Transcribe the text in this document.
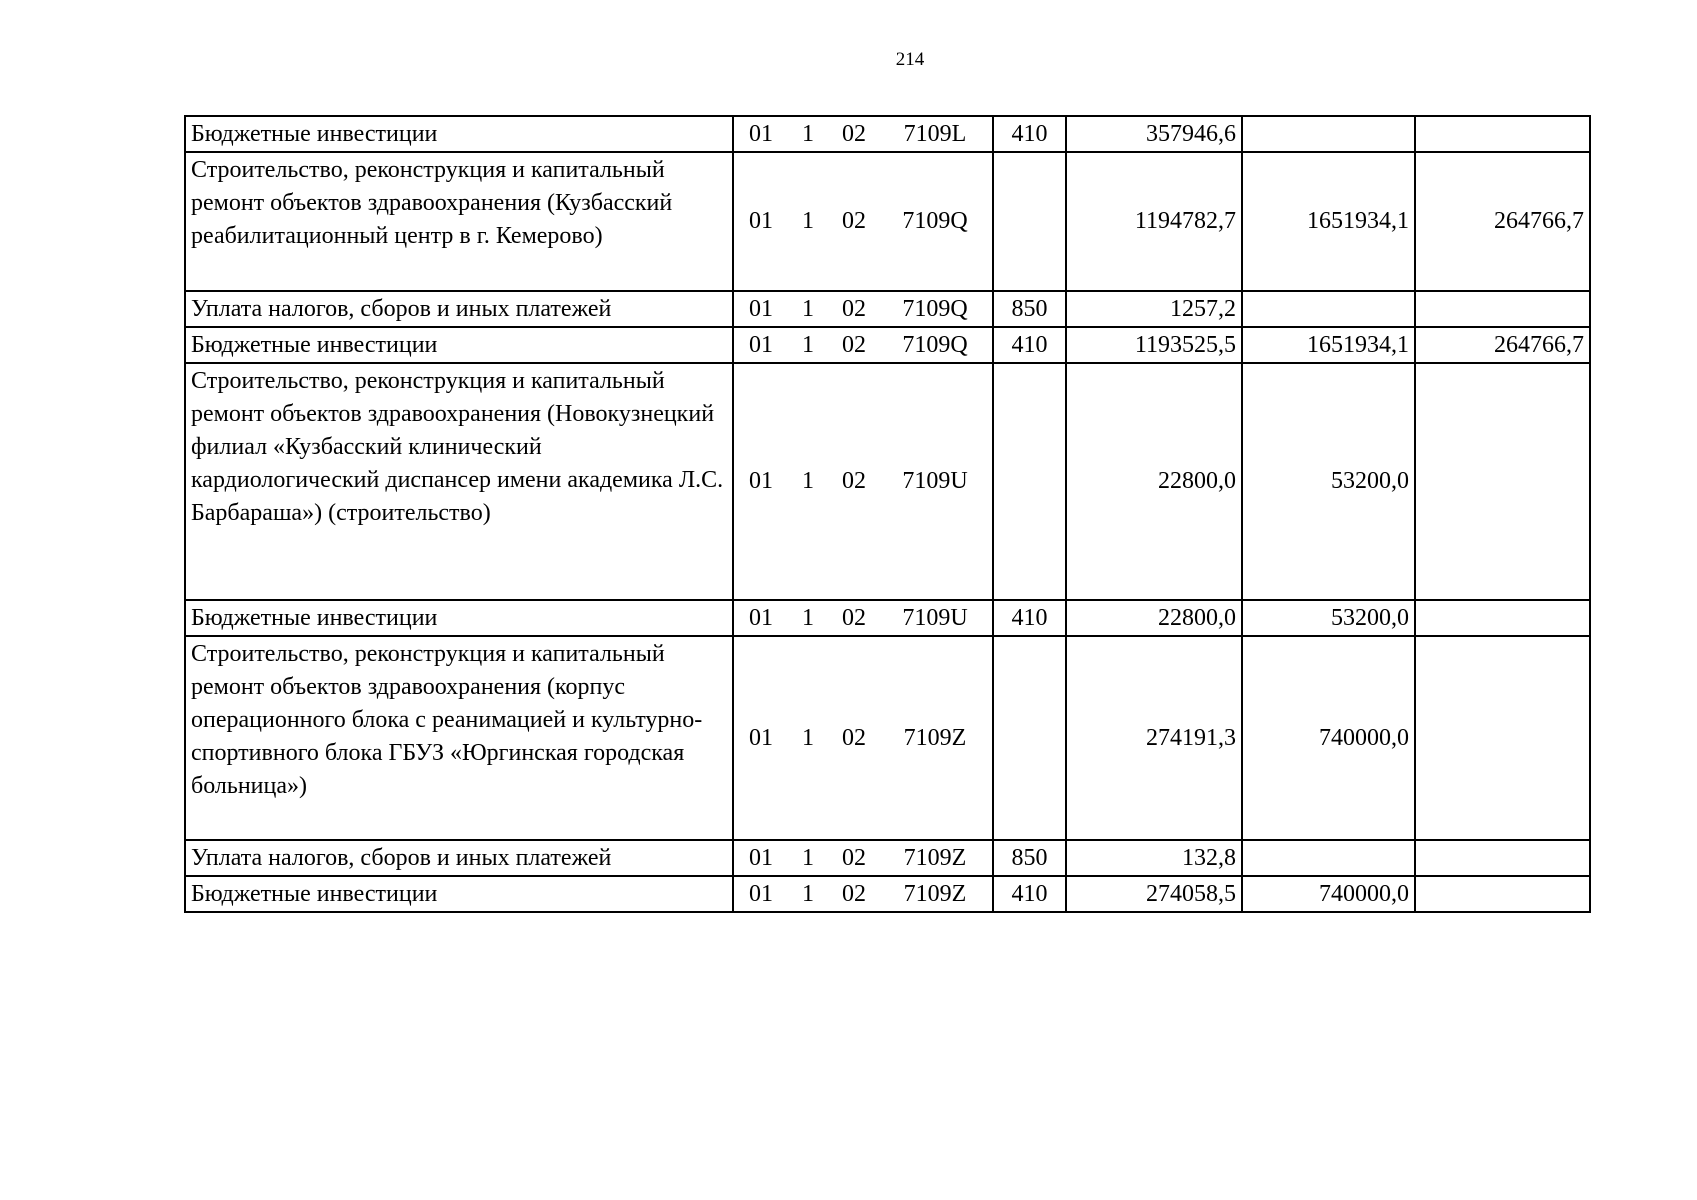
214
Бюджетные инвестиции	01 1 02 7109L	410	357946,6		
Строительство, реконструкция и капитальный ремонт объектов здравоохранения (Кузбасский реабилитационный центр в г. Кемерово)	01 1 02 7109Q		1194782,7	1651934,1	264766,7
Уплата налогов, сборов и иных платежей	01 1 02 7109Q	850	1257,2		
Бюджетные инвестиции	01 1 02 7109Q	410	1193525,5	1651934,1	264766,7
Строительство, реконструкция и капитальный ремонт объектов здравоохранения (Новокузнецкий филиал «Кузбасский клинический кардиологический диспансер имени академика Л.С. Барбараша») (строительство)	01 1 02 7109U		22800,0	53200,0	
Бюджетные инвестиции	01 1 02 7109U	410	22800,0	53200,0	
Строительство, реконструкция и капитальный ремонт объектов здравоохранения (корпус операционного блока с реанимацией и культурно-спортивного блока ГБУЗ «Юргинская городская больница»)	01 1 02 7109Z		274191,3	740000,0	
Уплата налогов, сборов и иных платежей	01 1 02 7109Z	850	132,8		
Бюджетные инвестиции	01 1 02 7109Z	410	274058,5	740000,0	
